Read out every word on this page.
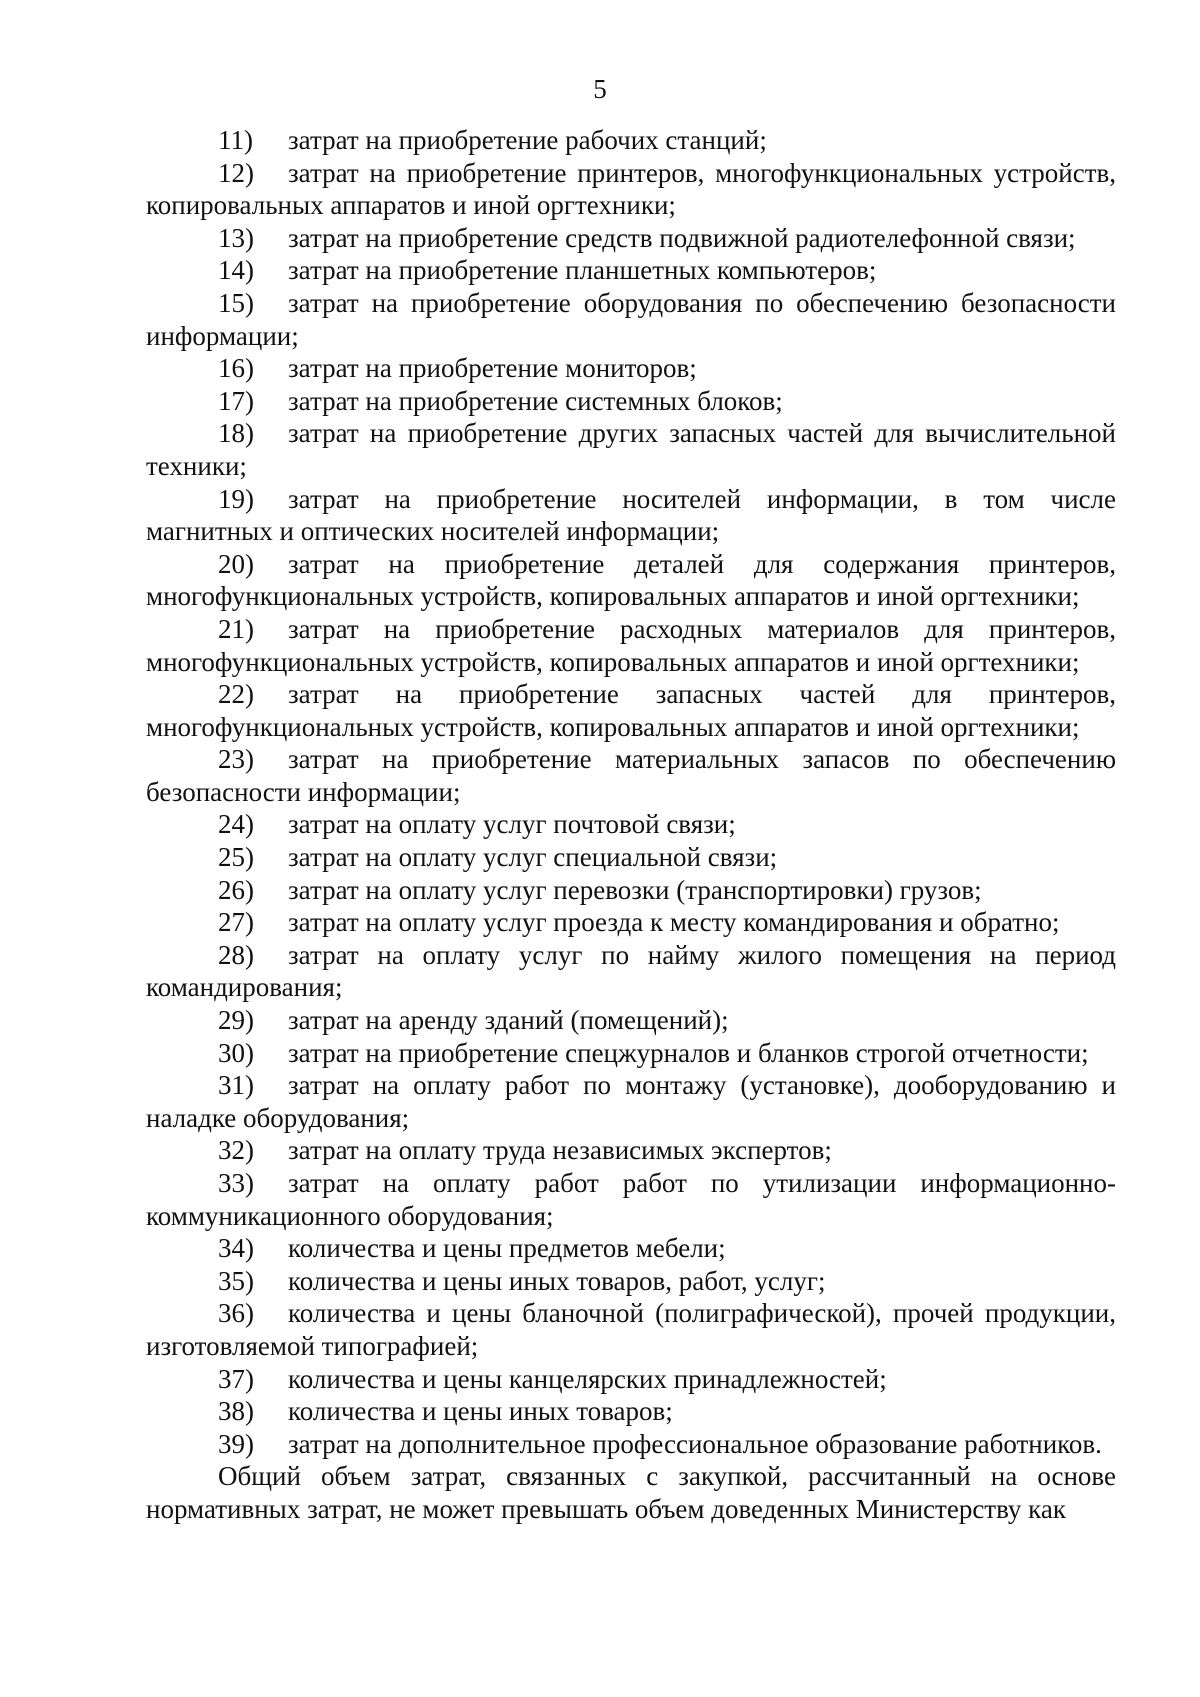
5

11) затрат на приобретение рабочих станций;

12) затрат на приобретение принтеров, многофункциональных устройств, копировальных аппаратов и иной оргтехники;

13) затрат на приобретение средств подвижной радиотелефонной связи;

14) затрат на приобретение планшетных компьютеров;

15) затрат на приобретение оборудования по обеспечению безопасности информации;

16) затрат на приобретение мониторов;

17) затрат на приобретение системных блоков;

18) затрат на приобретение других запасных частей для вычислительной техники;

19) затрат на приобретение носителей информации, в том числе магнитных и оптических носителей информации;

20) затрат на приобретение деталей для содержания принтеров, многофункциональных устройств, копировальных аппаратов и иной оргтехники;

21) затрат на приобретение расходных материалов для принтеров, многофункциональных устройств, копировальных аппаратов и иной оргтехники;

22) затрат на приобретение запасных частей для принтеров, многофункциональных устройств, копировальных аппаратов и иной оргтехники;

23) затрат на приобретение материальных запасов по обеспечению безопасности информации;

24) затрат на оплату услуг почтовой связи;

25) затрат на оплату услуг специальной связи;

26) затрат на оплату услуг перевозки (транспортировки) грузов;

27) затрат на оплату услуг проезда к месту командирования и обратно;

28) затрат на оплату услуг по найму жилого помещения на период командирования;

29) затрат на аренду зданий (помещений);

30) затрат на приобретение спецжурналов и бланков строгой отчетности;

31) затрат на оплату работ по монтажу (установке), дооборудованию и наладке оборудования;

32) затрат на оплату труда независимых экспертов;

33) затрат на оплату работ работ по утилизации информационно-коммуникационного оборудования;

34) количества и цены предметов мебели;

35) количества и цены иных товаров, работ, услуг;

36) количества и цены бланочной (полиграфической), прочей продукции, изготовляемой типографией;

37) количества и цены канцелярских принадлежностей;

38) количества и цены иных товаров;

39) затрат на дополнительное профессиональное образование работников.

Общий объем затрат, связанных с закупкой, рассчитанный на основе нормативных затрат, не может превышать объем доведенных Министерству как
